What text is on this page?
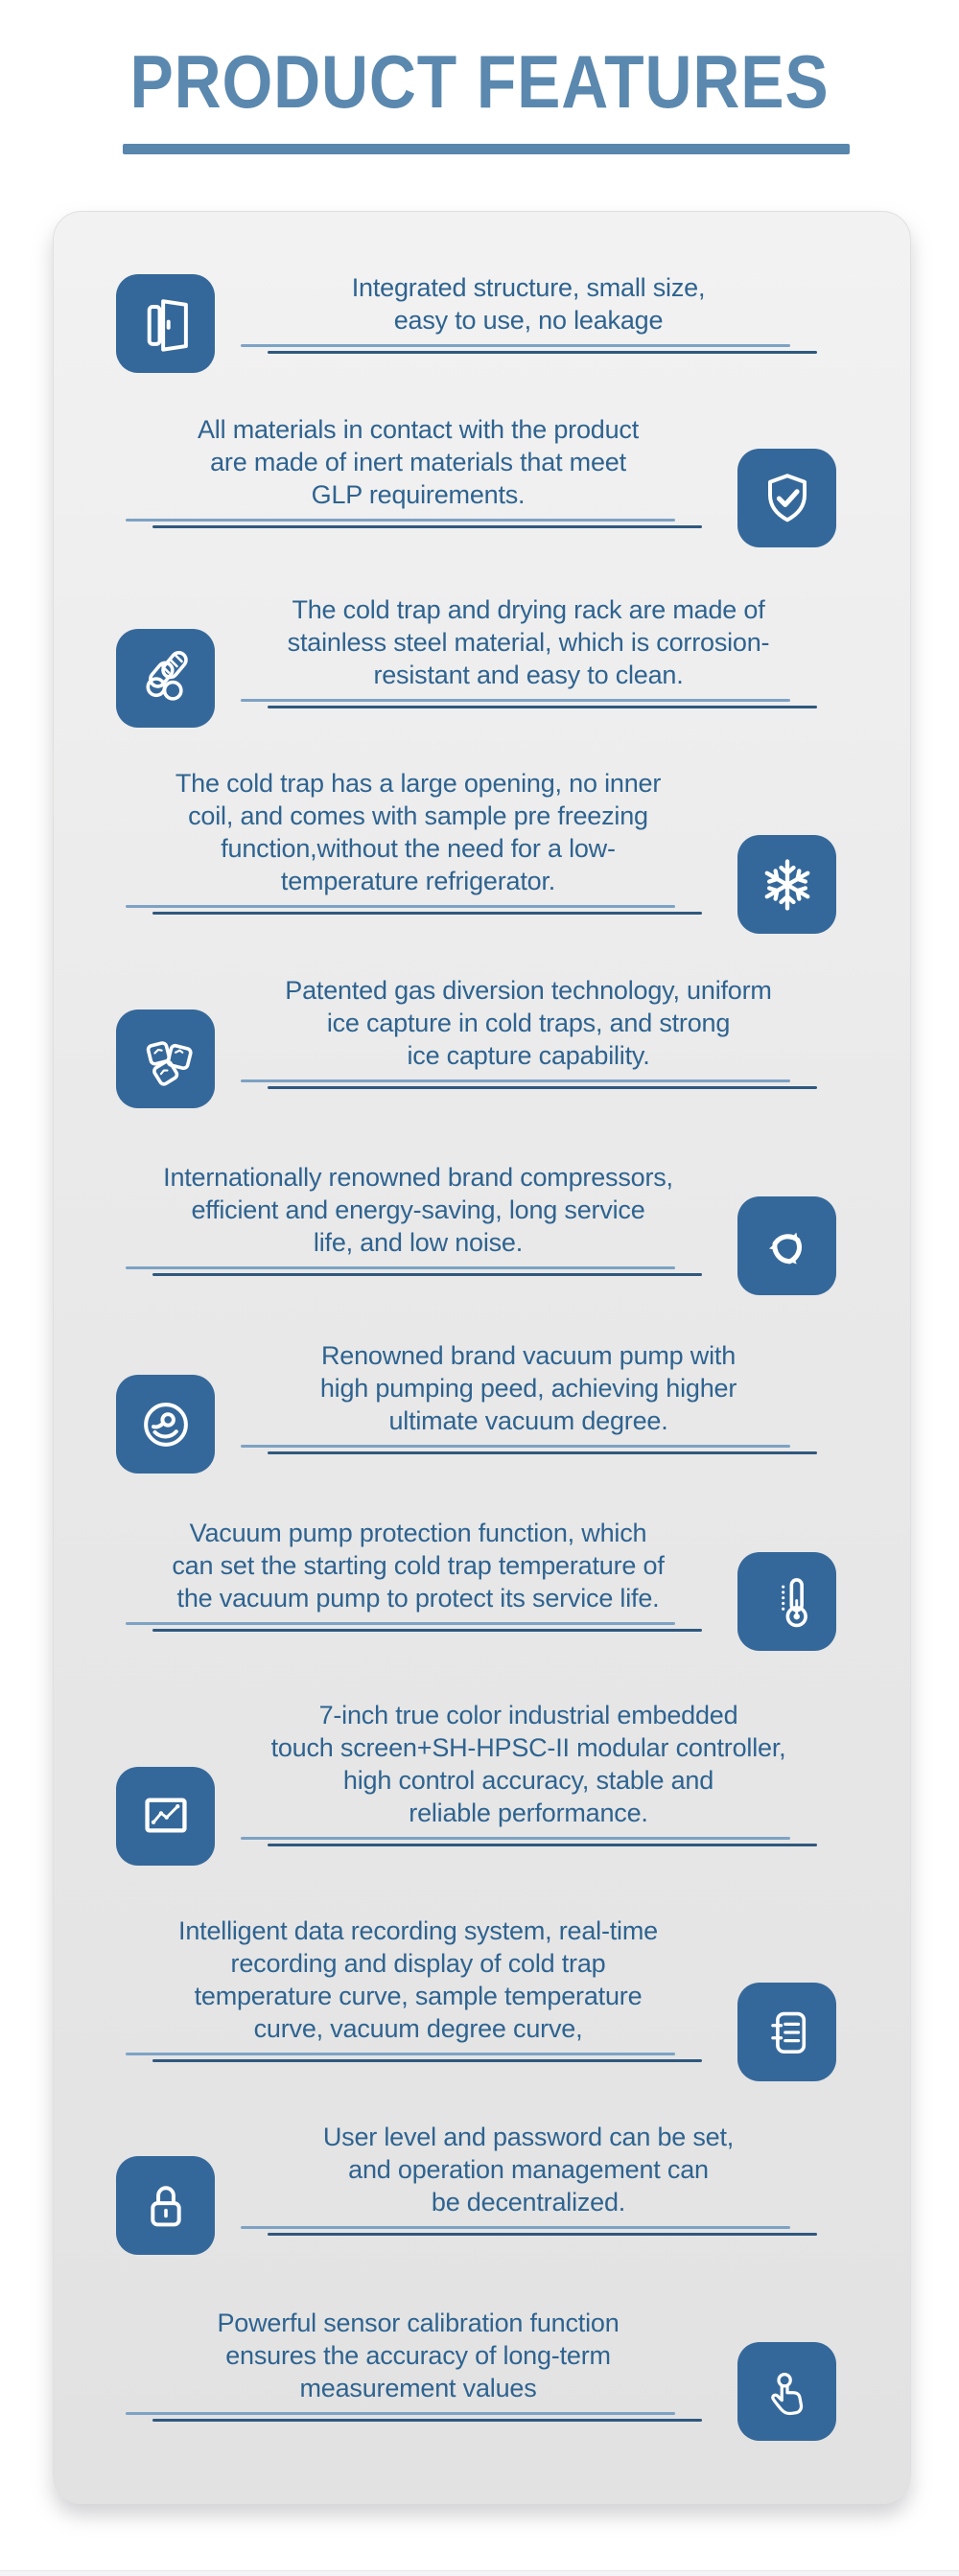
PRODUCT FEATURES
Integrated structure, small size,
easy to use, no leakage
All materials in contact with the product
are made of inert materials that meet
GLP requirements.
The cold trap and drying rack are made of
stainless steel material, which is corrosion-
resistant and easy to clean.
The cold trap has a large opening, no inner
coil, and comes with sample pre freezing
function,without the need for a low-
temperature refrigerator.
Patented gas diversion technology, uniform
ice capture in cold traps, and strong
ice capture capability.
Internationally renowned brand compressors,
efficient and energy-saving, long service
life, and low noise.
Renowned brand vacuum pump with
high pumping peed, achieving higher
ultimate vacuum degree.
Vacuum pump protection function, which
can set the starting cold trap temperature of
the vacuum pump to protect its service life.
7-inch true color industrial embedded
touch screen+SH-HPSC-II modular controller,
high control accuracy, stable and
reliable performance.
Intelligent data recording system, real-time
recording and display of cold trap
temperature curve, sample temperature
curve, vacuum degree curve,
User level and password can be set,
and operation management can
be decentralized.
Powerful sensor calibration function
ensures the accuracy of long-term
measurement values
